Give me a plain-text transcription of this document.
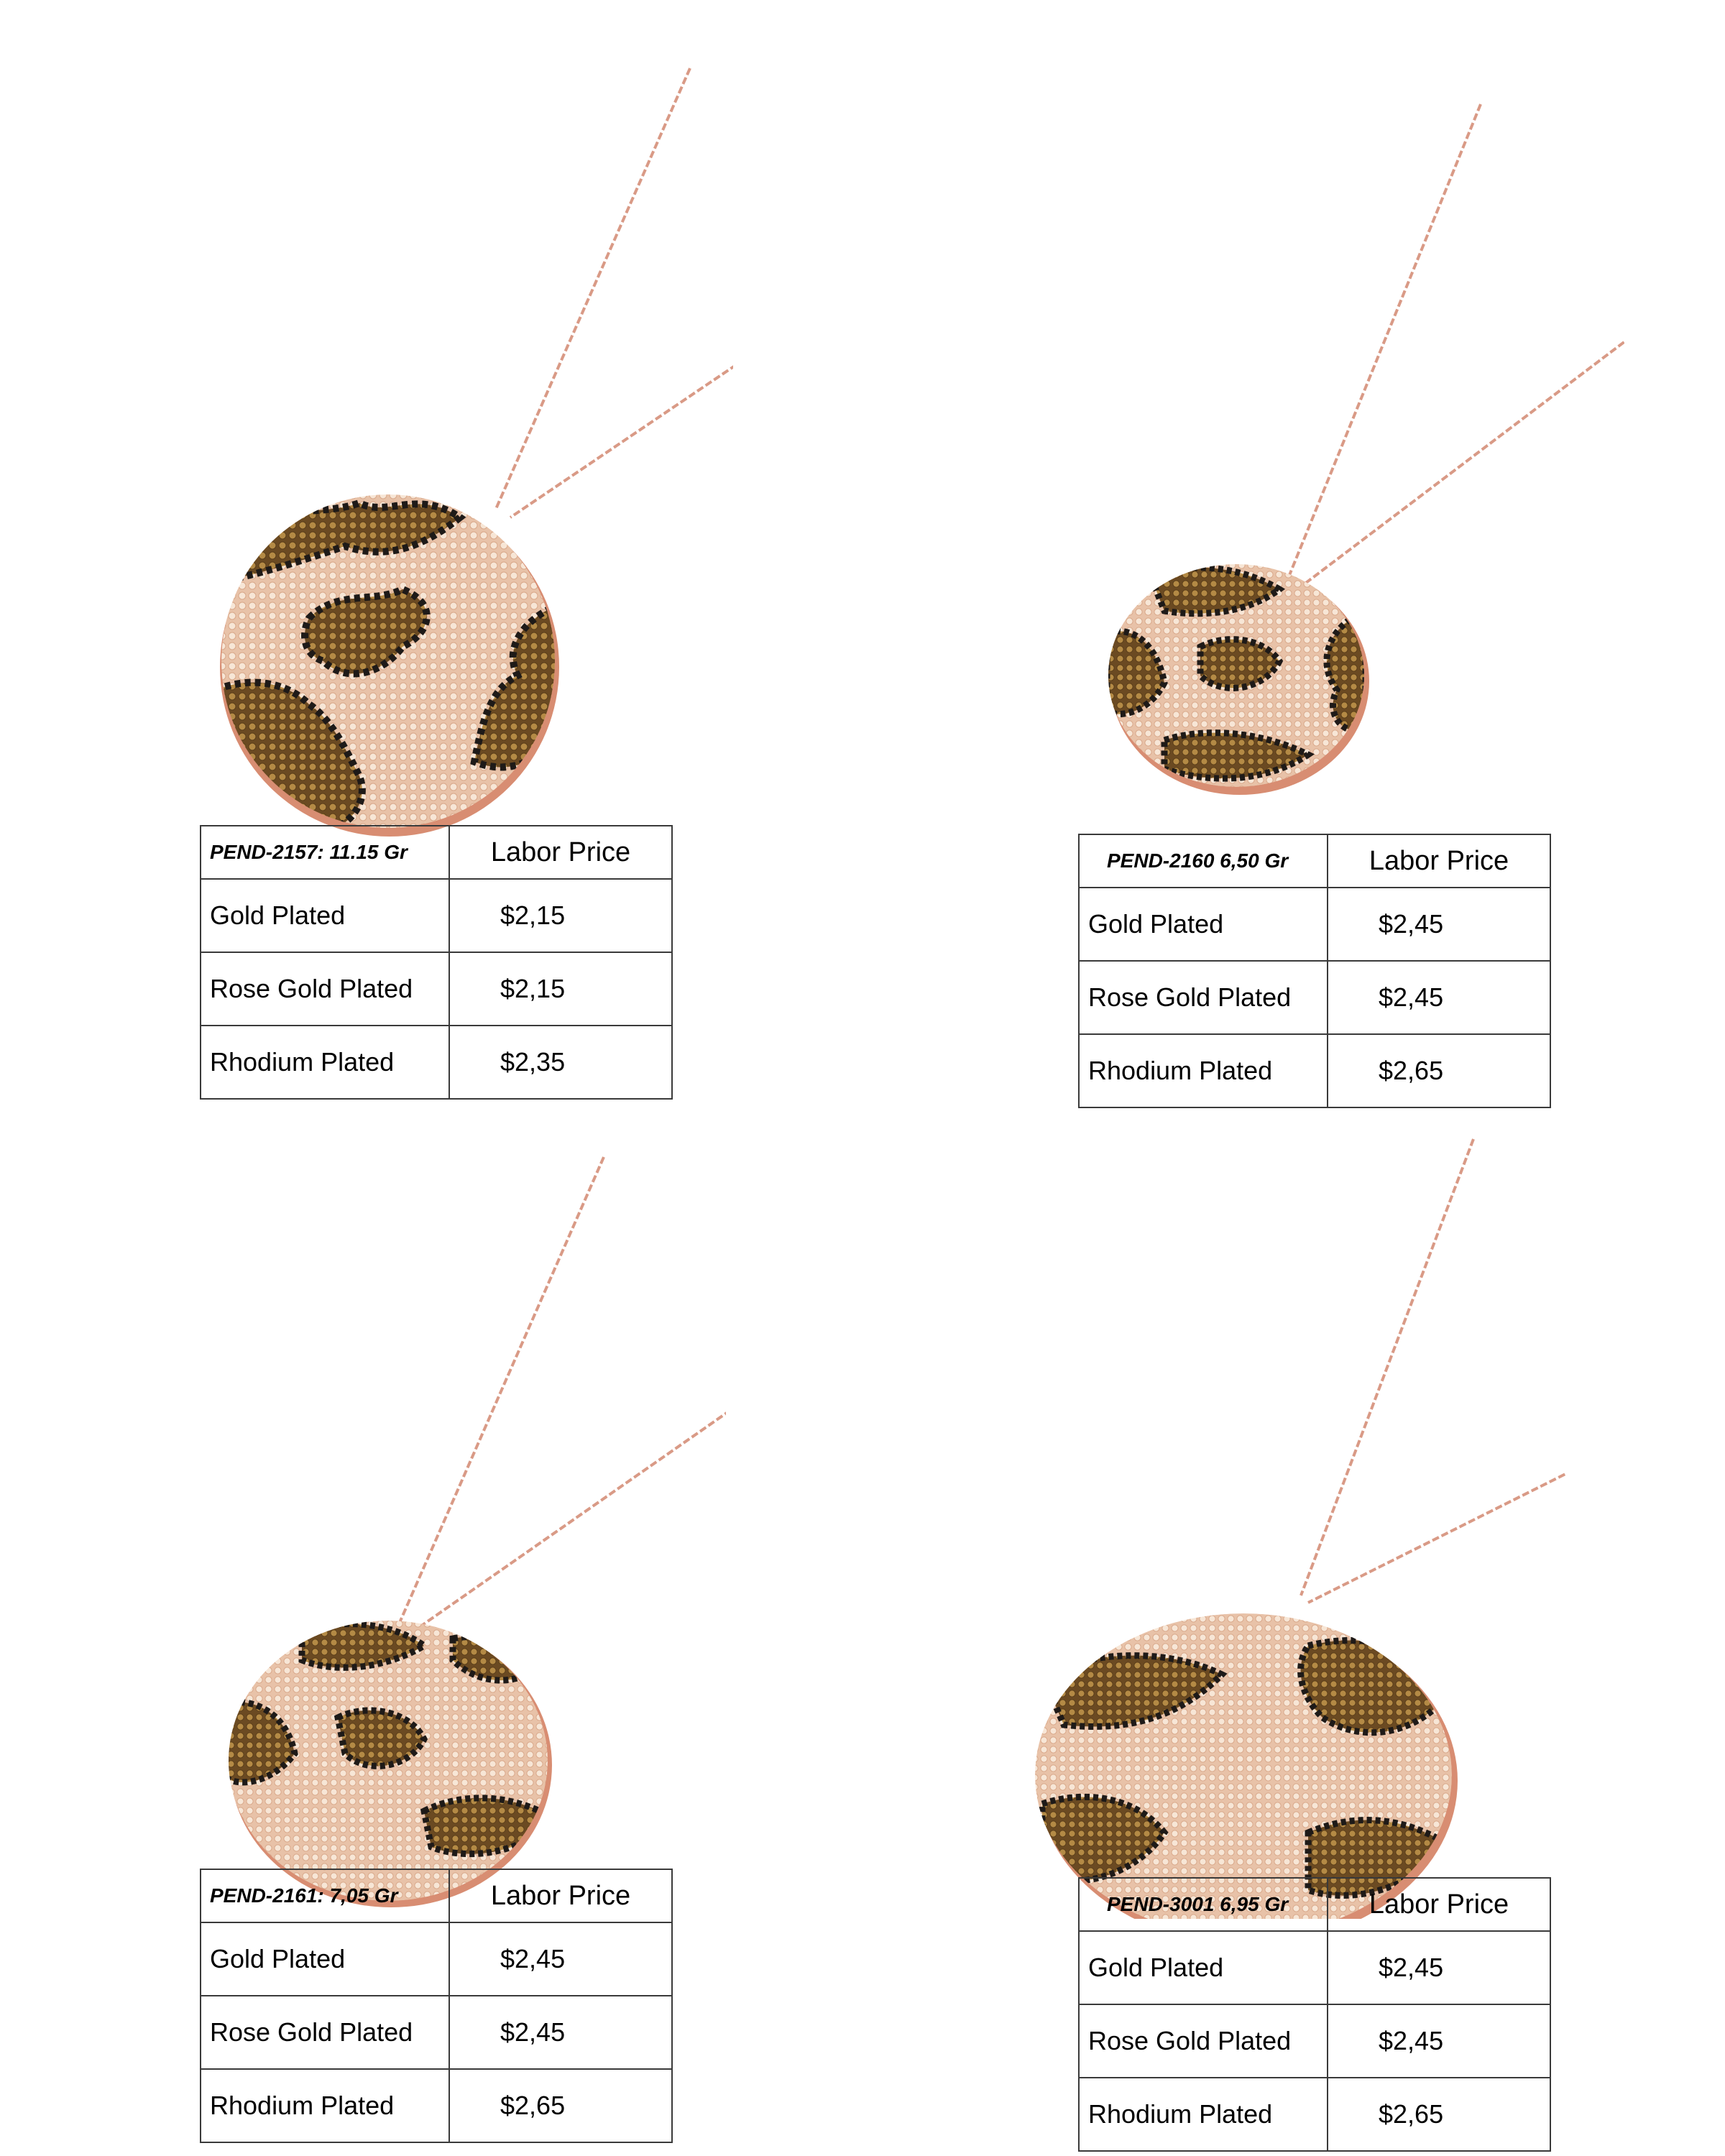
PEND-2157: 11.15 Gr	Labor Price
Gold Plated	$2,15
Rose Gold Plated	$2,15
Rhodium Plated	$2,35
PEND-2160 6,50 Gr	Labor Price
Gold Plated	$2,45
Rose Gold Plated	$2,45
Rhodium Plated	$2,65
PEND-2161: 7,05 Gr	Labor Price
Gold Plated	$2,45
Rose Gold Plated	$2,45
Rhodium Plated	$2,65
PEND-3001 6,95 Gr	Labor Price
Gold Plated	$2,45
Rose Gold Plated	$2,45
Rhodium Plated	$2,65
